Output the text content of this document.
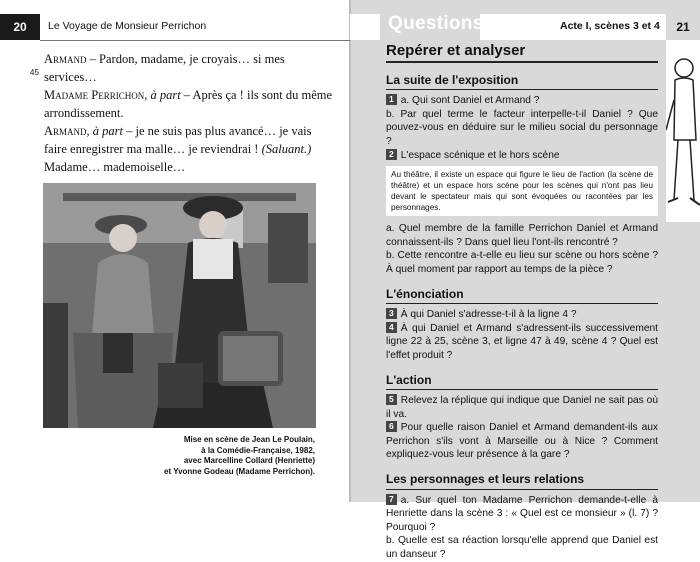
20	Le Voyage de Monsieur Perrichon
45

Armand – Pardon, madame, je croyais… si mes services…

Madame Perrichon, à part – Après ça ! ils sont du même arrondissement.

Armand, à part – je ne suis pas plus avancé… je vais faire enregistrer ma malle… je reviendrai ! (Saluant.) Madame… mademoiselle…

Mise en scène de Jean Le Poulain,
à la Comédie-Française, 1982,
avec Marcelline Collard (Henriette)
et Yvonne Godeau (Madame Perrichon).
Questions	Acte I, scènes 3 et 4	21
Repérer et analyser
La suite de l'exposition

1 a. Qui sont Daniel et Armand ?

b. Par quel terme le facteur interpelle-t-il Daniel ? Que pouvez-vous en déduire sur le milieu social du personnage ?

2 L'espace scénique et le hors scène

Au théâtre, il existe un espace qui figure le lieu de l'action (la scène de théâtre) et un espace hors scène pour les scènes qui n'ont pas lieu devant le spectateur mais qui sont évoquées ou racontées par les personnages.

a. Quel membre de la famille Perrichon Daniel et Armand connaissent-ils ? Dans quel lieu l'ont-ils rencontré ?

b. Cette rencontre a-t-elle eu lieu sur scène ou hors scène ? À quel moment par rapport au temps de la pièce ?

L'énonciation

3 À qui Daniel s'adresse-t-il à la ligne 4 ?

4 À qui Daniel et Armand s'adressent-ils successivement ligne 22 à 25, scène 3, et ligne 47 à 49, scène 4 ? Quel est l'effet produit ?

L'action

5 Relevez la réplique qui indique que Daniel ne sait pas où il va.

6 Pour quelle raison Daniel et Armand demandent-ils aux Perrichon s'ils vont à Marseille ou à Nice ? Comment expliquez-vous leur présence à la gare ?

Les personnages et leurs relations

7 a. Sur quel ton Madame Perrichon demande-t-elle à Henriette dans la scène 3 : « Quel est ce monsieur » (l. 7) ? Pourquoi ?

b. Quelle est sa réaction lorsqu'elle apprend que Daniel est un danseur ?
